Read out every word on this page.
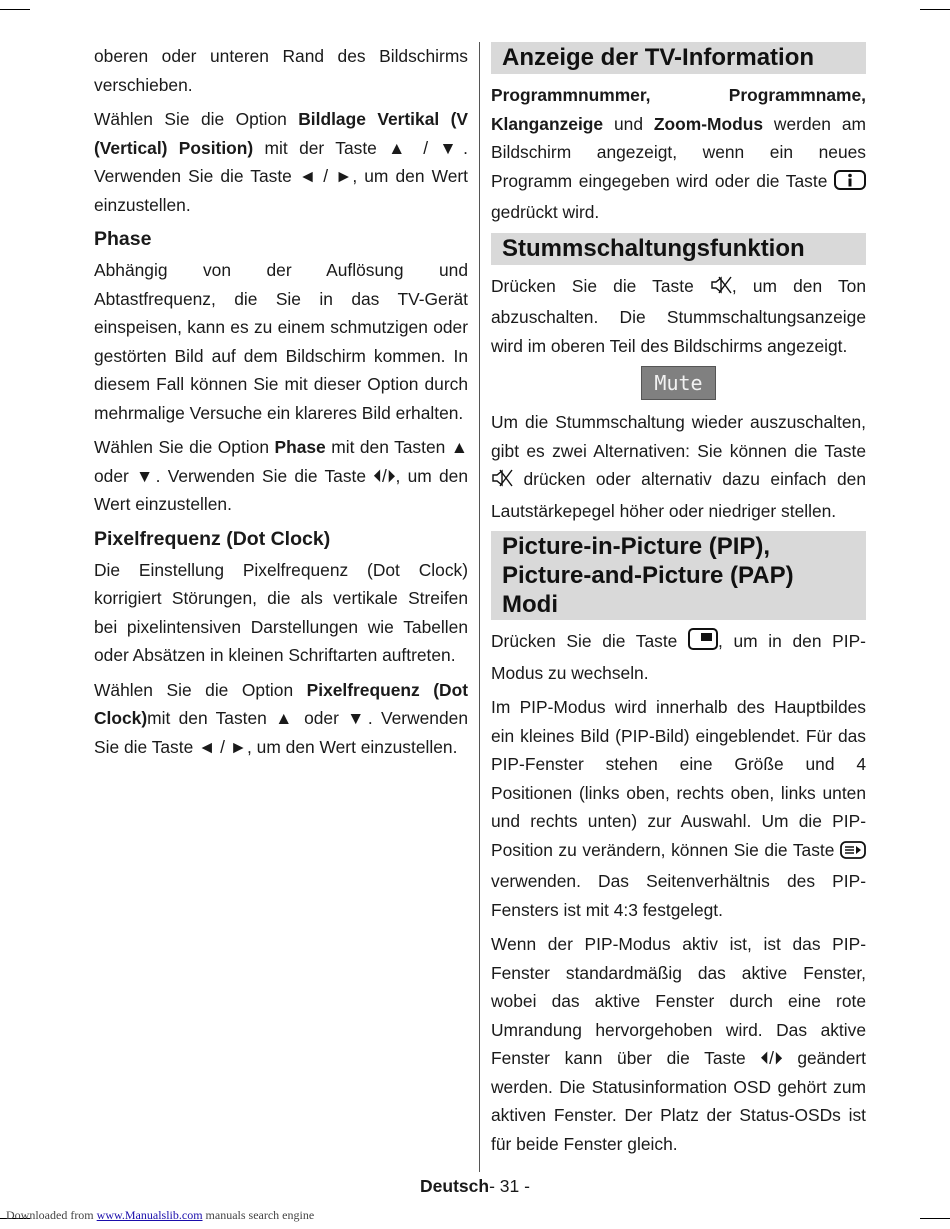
oberen oder unteren Rand des Bildschirms verschieben.

Wählen Sie die Option Bildlage Vertikal (V (Vertical) Position) mit der Taste ▲ / ▼. Verwenden Sie die Taste ◄ / ►, um den Wert einzustellen.

Phase

Abhängig von der Auflösung und Abtastfrequenz, die Sie in das TV-Gerät einspeisen, kann es zu einem schmutzigen oder gestörten Bild auf dem Bildschirm kommen. In diesem Fall können Sie mit dieser Option durch mehrmalige Versuche ein klareres Bild erhalten.

Wählen Sie die Option Phase mit den Tasten ▲ oder ▼. Verwenden Sie die Taste ⏴/⏵, um den Wert einzustellen.

Pixelfrequenz (Dot Clock)

Die Einstellung Pixelfrequenz (Dot Clock) korrigiert Störungen, die als vertikale Streifen bei pixelintensiven Darstellungen wie Tabellen oder Absätzen in kleinen Schriftarten auftreten.

Wählen Sie die Option Pixelfrequenz (Dot Clock)mit den Tasten ▲ oder ▼. Verwenden Sie die Taste ◄ / ►, um den Wert einzustellen.

Anzeige der TV-Information

Programmnummer, Programmname, Klanganzeige und Zoom-Modus werden am Bildschirm angezeigt, wenn ein neues Programm eingegeben wird oder die Taste  gedrückt wird.

Stummschaltungsfunktion

Drücken Sie die Taste , um den Ton abzuschalten. Die Stummschaltungsanzeige wird im oberen Teil des Bildschirms angezeigt.

Mute

Um die Stummschaltung wieder auszuschalten, gibt es zwei Alternativen: Sie können die Taste  drücken oder alternativ dazu einfach den Lautstärkepegel höher oder niedriger stellen.

Picture-in-Picture (PIP),
Picture-and-Picture (PAP) Modi

Drücken Sie die Taste , um in den PIP-Modus zu wechseln.

Im PIP-Modus wird innerhalb des Hauptbildes ein kleines Bild (PIP-Bild) eingeblendet. Für das PIP-Fenster stehen eine Größe und 4 Positionen (links oben, rechts oben, links unten und rechts unten) zur Auswahl. Um die PIP-Position zu verändern, können Sie die Taste  verwenden. Das Seitenverhältnis des PIP-Fensters ist mit 4:3 festgelegt.

Wenn der PIP-Modus aktiv ist, ist das PIP-Fenster standardmäßig das aktive Fenster, wobei das aktive Fenster durch eine rote Umrandung hervorgehoben wird. Das aktive Fenster kann über die Taste ⏴/⏵ geändert werden. Die Statusinformation OSD gehört zum aktiven Fenster. Der Platz der Status-OSDs ist für beide Fenster gleich.

Deutsch- 31 -
Downloaded from www.Manualslib.com manuals search engine
